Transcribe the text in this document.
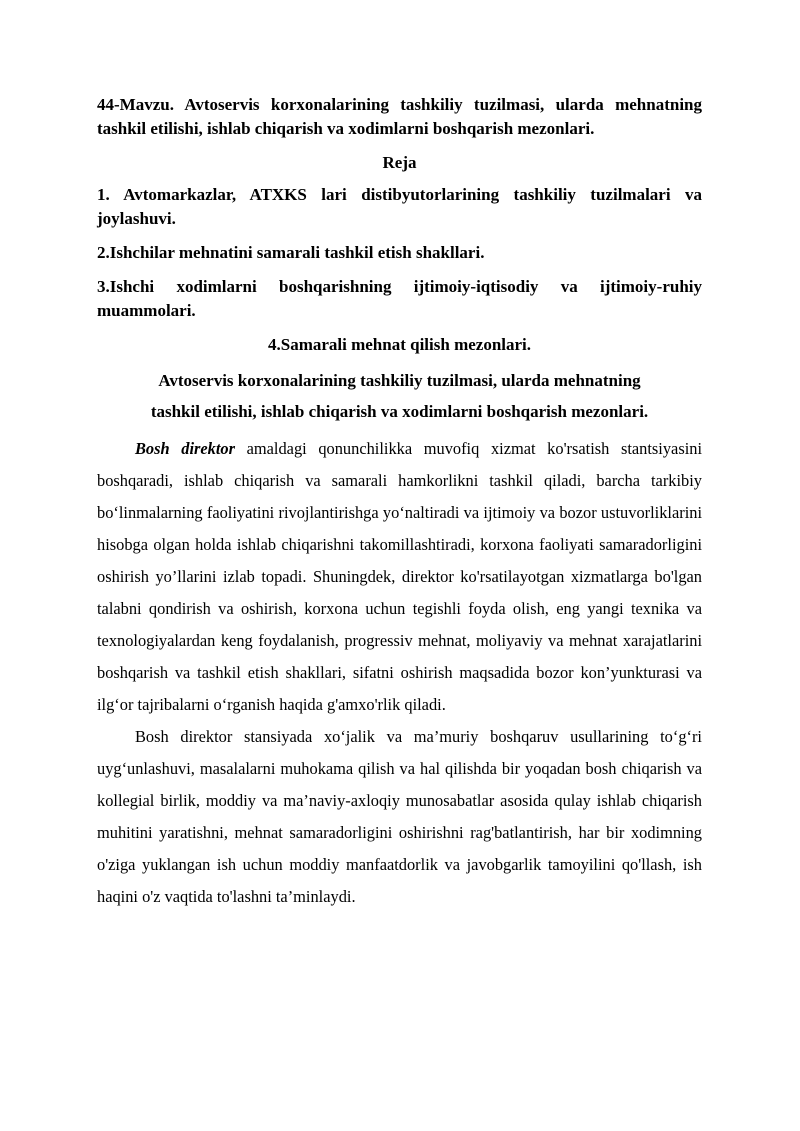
44-Mavzu. Avtoservis korxonalarining tashkiliy tuzilmasi, ularda mehnatning tashkil etilishi, ishlab chiqarish va xodimlarni boshqarish mezonlari.

Reja

1. Avtomarkazlar, ATXKS lari distibyutorlarining tashkiliy tuzilmalari va joylashuvi.

2.Ishchilar mehnatini samarali tashkil etish shakllari.

3.Ishchi xodimlarni boshqarishning ijtimoiy-iqtisodiy va ijtimoiy-ruhiy muammolari.

4.Samarali mehnat qilish mezonlari.

Avtoservis korxonalarining tashkiliy tuzilmasi, ularda mehnatning
tashkil etilishi, ishlab chiqarish va xodimlarni boshqarish mezonlari.

Bosh direktor amaldagi qonunchilikka muvofiq xizmat ko'rsatish stantsiyasini boshqaradi, ishlab chiqarish va samarali hamkorlikni tashkil qiladi, barcha tarkibiy bo‘linmalarning faoliyatini rivojlantirishga yo‘naltiradi va ijtimoiy va bozor ustuvorliklarini hisobga olgan holda ishlab chiqarishni takomillashtiradi, korxona faoliyati samaradorligini oshirish yo’llarini izlab topadi. Shuningdek, direktor ko'rsatilayotgan xizmatlarga bo'lgan talabni qondirish va oshirish, korxona uchun tegishli foyda olish, eng yangi texnika va texnologiyalardan keng foydalanish, progressiv mehnat, moliyaviy va mehnat xarajatlarini boshqarish va tashkil etish shakllari, sifatni oshirish maqsadida bozor kon’yunkturasi va ilg‘or tajribalarni o‘rganish haqida g'amxo'rlik qiladi.

Bosh direktor stansiyada xo‘jalik va ma’muriy boshqaruv usullarining to‘g‘ri uyg‘unlashuvi, masalalarni muhokama qilish va hal qilishda bir yoqadan bosh chiqarish va kollegial birlik, moddiy va ma’naviy-axloqiy munosabatlar asosida qulay ishlab chiqarish muhitini yaratishni, mehnat samaradorligini oshirishni rag'batlantirish, har bir xodimning o'ziga yuklangan ish uchun moddiy manfaatdorlik va javobgarlik tamoyilini qo'llash, ish haqini o'z vaqtida to'lashni ta’minlaydi.
